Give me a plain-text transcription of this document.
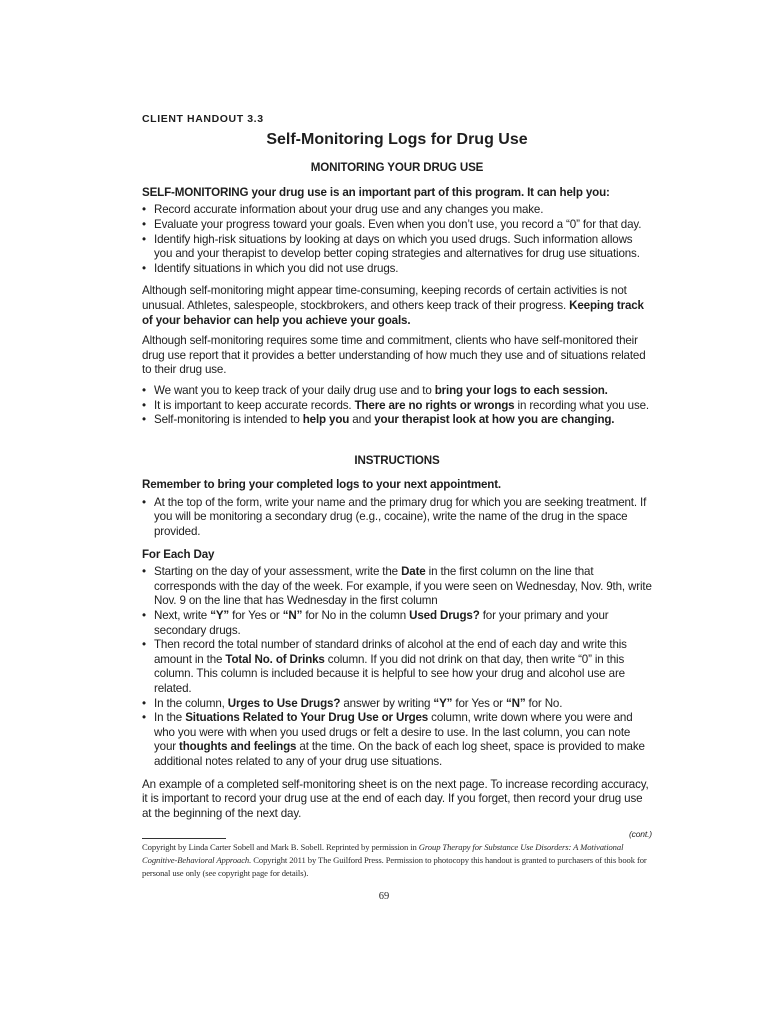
CLIENT HANDOUT 3.3
Self-Monitoring Logs for Drug Use
MONITORING YOUR DRUG USE

SELF-MONITORING your drug use is an important part of this program. It can help you:

• Record accurate information about your drug use and any changes you make.
• Evaluate your progress toward your goals. Even when you don’t use, you record a “0” for that day.
• Identify high-risk situations by looking at days on which you used drugs. Such information allows you and your therapist to develop better coping strategies and alternatives for drug use situations.
• Identify situations in which you did not use drugs.

Although self-monitoring might appear time-consuming, keeping records of certain activities is not unusual. Athletes, salespeople, stockbrokers, and others keep track of their progress. Keeping track of your behavior can help you achieve your goals.

Although self-monitoring requires some time and commitment, clients who have self-monitored their drug use report that it provides a better understanding of how much they use and of situations related to their drug use.

• We want you to keep track of your daily drug use and to bring your logs to each session.
• It is important to keep accurate records. There are no rights or wrongs in recording what you use.
• Self-monitoring is intended to help you and your therapist look at how you are changing.
INSTRUCTIONS

Remember to bring your completed logs to your next appointment.

• At the top of the form, write your name and the primary drug for which you are seeking treatment. If you will be monitoring a secondary drug (e.g., cocaine), write the name of the drug in the space provided.

For Each Day

• Starting on the day of your assessment, write the Date in the first column on the line that corresponds with the day of the week. For example, if you were seen on Wednesday, Nov. 9th, write Nov. 9 on the line that has Wednesday in the first column
• Next, write “Y” for Yes or “N” for No in the column Used Drugs? for your primary and your secondary drugs.
• Then record the total number of standard drinks of alcohol at the end of each day and write this amount in the Total No. of Drinks column. If you did not drink on that day, then write “0” in this column. This column is included because it is helpful to see how your drug and alcohol use are related.
• In the column, Urges to Use Drugs? answer by writing “Y” for Yes or “N” for No.
• In the Situations Related to Your Drug Use or Urges column, write down where you were and who you were with when you used drugs or felt a desire to use. In the last column, you can note your thoughts and feelings at the time. On the back of each log sheet, space is provided to make additional notes related to any of your drug use situations.

An example of a completed self-monitoring sheet is on the next page. To increase recording accuracy, it is important to record your drug use at the end of each day. If you forget, then record your drug use at the beginning of the next day.

(cont.)
Copyright by Linda Carter Sobell and Mark B. Sobell. Reprinted by permission in Group Therapy for Substance Use Disorders: A Motivational Cognitive-Behavioral Approach. Copyright 2011 by The Guilford Press. Permission to photocopy this handout is granted to purchasers of this book for personal use only (see copyright page for details).
69
